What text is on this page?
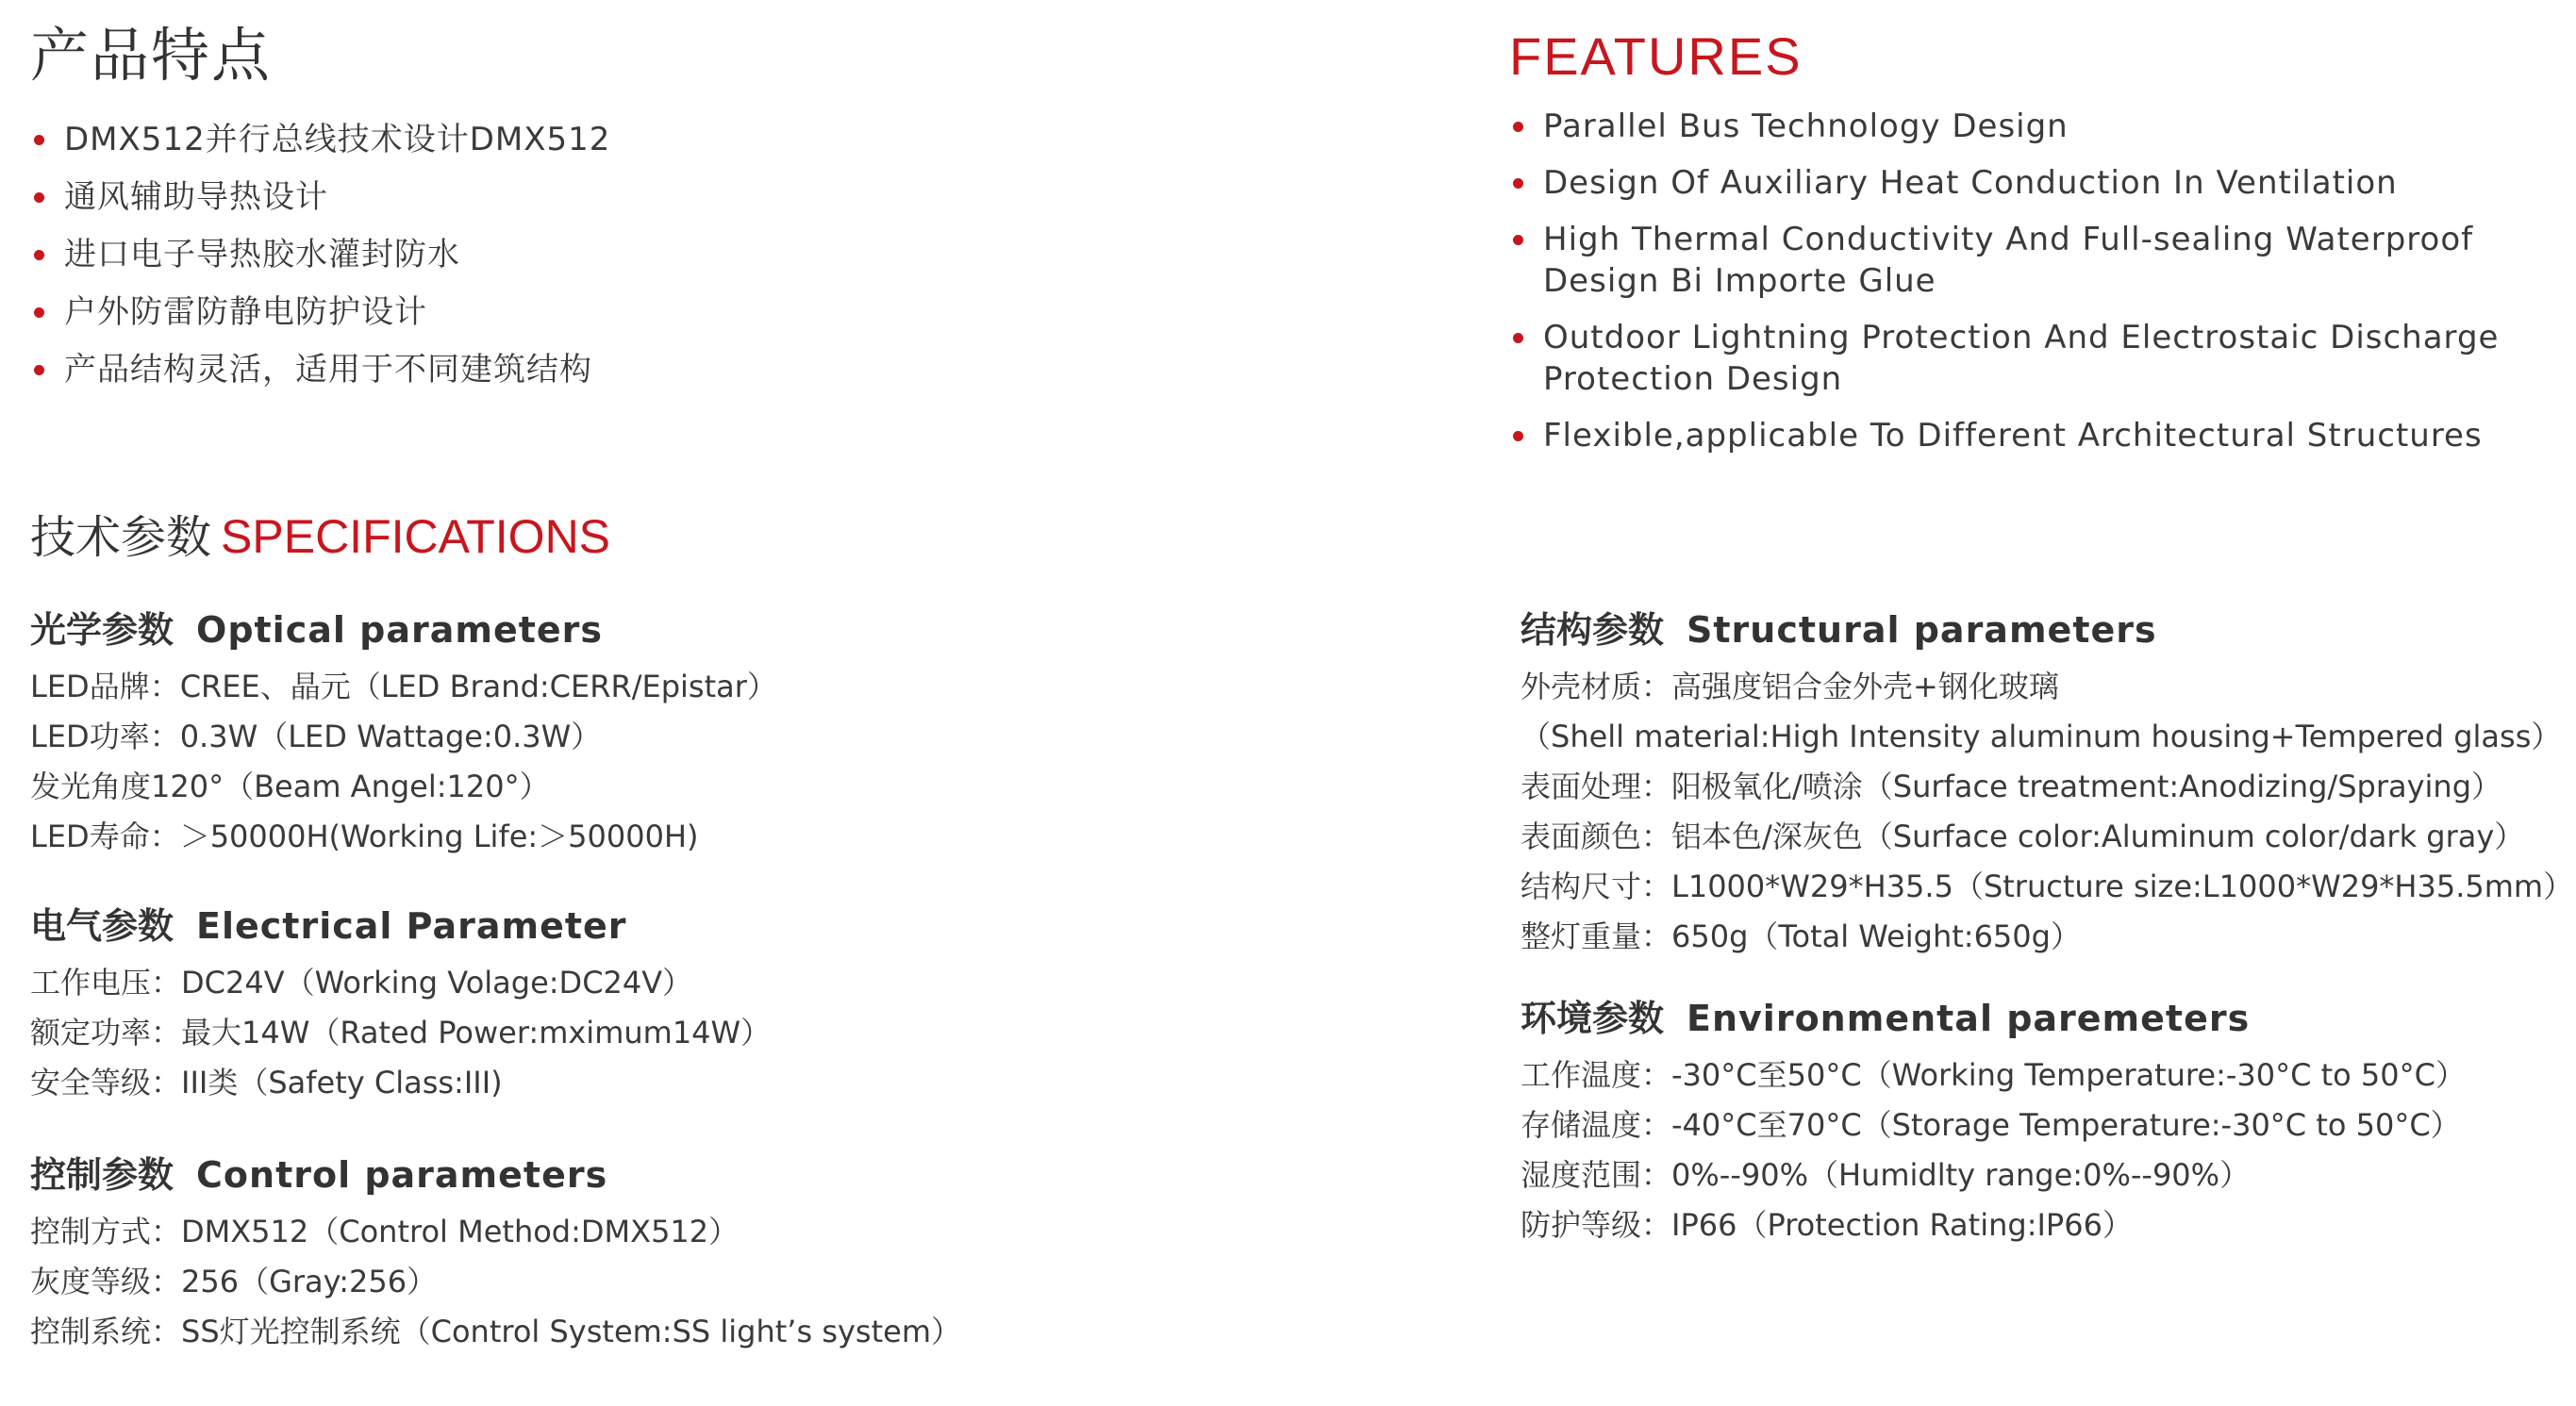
产品特点
DMX512并行总线技术设计DMX512
通风辅助导热设计
进口电子导热胶水灌封防水
户外防雷防静电防护设计
产品结构灵活，适用于不同建筑结构
FEATURES
Parallel Bus Technology Design
Design Of Auxiliary Heat Conduction In Ventilation
High Thermal Conductivity And Full-sealing Waterproof Design Bi Importe Glue
Outdoor Lightning Protection And Electrostaic Discharge Protection Design
Flexible,applicable To Different Architectural Structures
技术参数 SPECIFICATIONS
光学参数 Optical parameters
LED品牌：CREE、晶元（LED Brand:CERR/Epistar）
LED功率：0.3W（LED Wattage:0.3W）
发光角度120°（Beam Angel:120°）
LED寿命：＞50000H(Working Life:＞50000H)
电气参数 Electrical Parameter
工作电压：DC24V（Working Volage:DC24V）
额定功率：最大14W（Rated Power:mximum14W）
安全等级：III类（Safety Class:III)
控制参数 Control parameters
控制方式：DMX512（Control Method:DMX512）
灰度等级：256（Gray:256）
控制系统：SS灯光控制系统（Control System:SS light’s system）
结构参数 Structural parameters
外壳材质：高强度铝合金外壳+钢化玻璃
（Shell material:High Intensity aluminum housing+Tempered glass）
表面处理：阳极氧化/喷涂（Surface treatment:Anodizing/Spraying）
表面颜色：铝本色/深灰色（Surface color:Aluminum color/dark gray）
结构尺寸：L1000*W29*H35.5（Structure size:L1000*W29*H35.5mm）
整灯重量：650g（Total Weight:650g）
环境参数 Environmental paremeters
工作温度：-30°C至50°C（Working Temperature:-30°C to 50°C）
存储温度：-40°C至70°C（Storage Temperature:-30°C to 50°C）
湿度范围：0%--90%（Humidlty range:0%--90%）
防护等级：IP66（Protection Rating:IP66）
